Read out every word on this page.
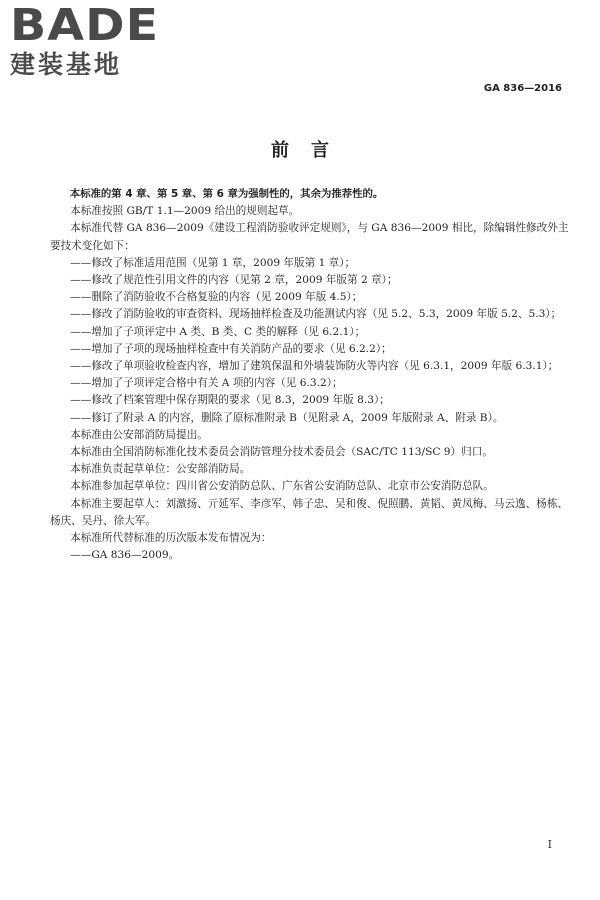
BADE
建装基地
GA 836—2016
前言
本标准的第 4 章、第 5 章、第 6 章为强制性的，其余为推荐性的。
本标准按照 GB/T 1.1—2009 给出的规则起草。
本标准代替 GA 836—2009《建设工程消防验收评定规则》，与 GA 836—2009 相比，除编辑性修改外主要技术变化如下：
——修改了标准适用范围（见第 1 章，2009 年版第 1 章）；
——修改了规范性引用文件的内容（见第 2 章，2009 年版第 2 章）；
——删除了消防验收不合格复验的内容（见 2009 年版 4.5）；
——修改了消防验收的审查资料、现场抽样检查及功能测试内容（见 5.2、5.3，2009 年版 5.2、5.3）；
——增加了子项评定中 A 类、B 类、C 类的解释（见 6.2.1）；
——增加了子项的现场抽样检查中有关消防产品的要求（见 6.2.2）；
——修改了单项验收检查内容，增加了建筑保温和外墙装饰防火等内容（见 6.3.1，2009 年版 6.3.1）；
——增加了子项评定合格中有关 A 项的内容（见 6.3.2）；
——修改了档案管理中保存期限的要求（见 8.3，2009 年版 8.3）；
——修订了附录 A 的内容，删除了原标准附录 B（见附录 A，2009 年版附录 A、附录 B）。
本标准由公安部消防局提出。
本标准由全国消防标准化技术委员会消防管理分技术委员会（SAC/TC 113/SC 9）归口。
本标准负责起草单位：公安部消防局。
本标准参加起草单位：四川省公安消防总队、广东省公安消防总队、北京市公安消防总队。
本标准主要起草人：刘激扬、亓延军、李彦军、韩子忠、吴和俊、倪照鹏、黄韬、黄凤梅、马云逸、杨栋、杨庆、吴丹、徐大军。
本标准所代替标准的历次版本发布情况为：
——GA 836—2009。
I
